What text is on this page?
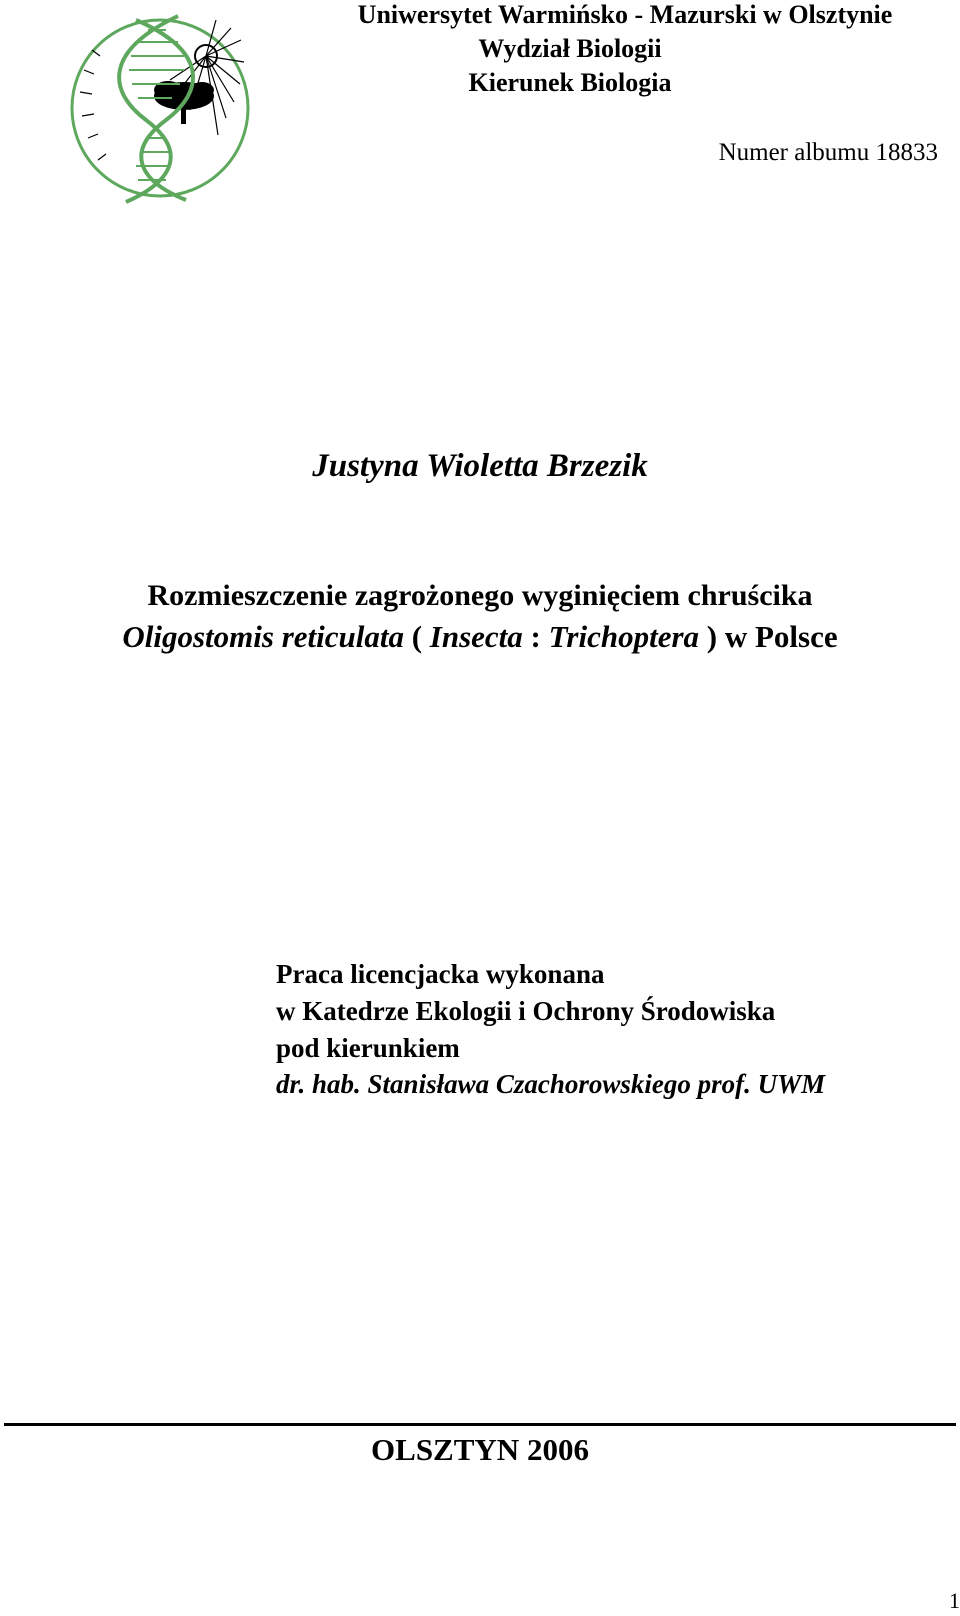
Uniwersytet Warmińsko - Mazurski w Olsztynie
Wydział Biologii
Kierunek Biologia
Numer albumu 18833
Justyna Wioletta Brzezik
Rozmieszczenie zagrożonego wyginięciem chruścika
Oligostomis reticulata ( Insecta : Trichoptera ) w Polsce
Praca licencjacka wykonana
w Katedrze Ekologii i Ochrony Środowiska
pod kierunkiem
dr. hab. Stanisława Czachorowskiego prof. UWM
OLSZTYN 2006
1
